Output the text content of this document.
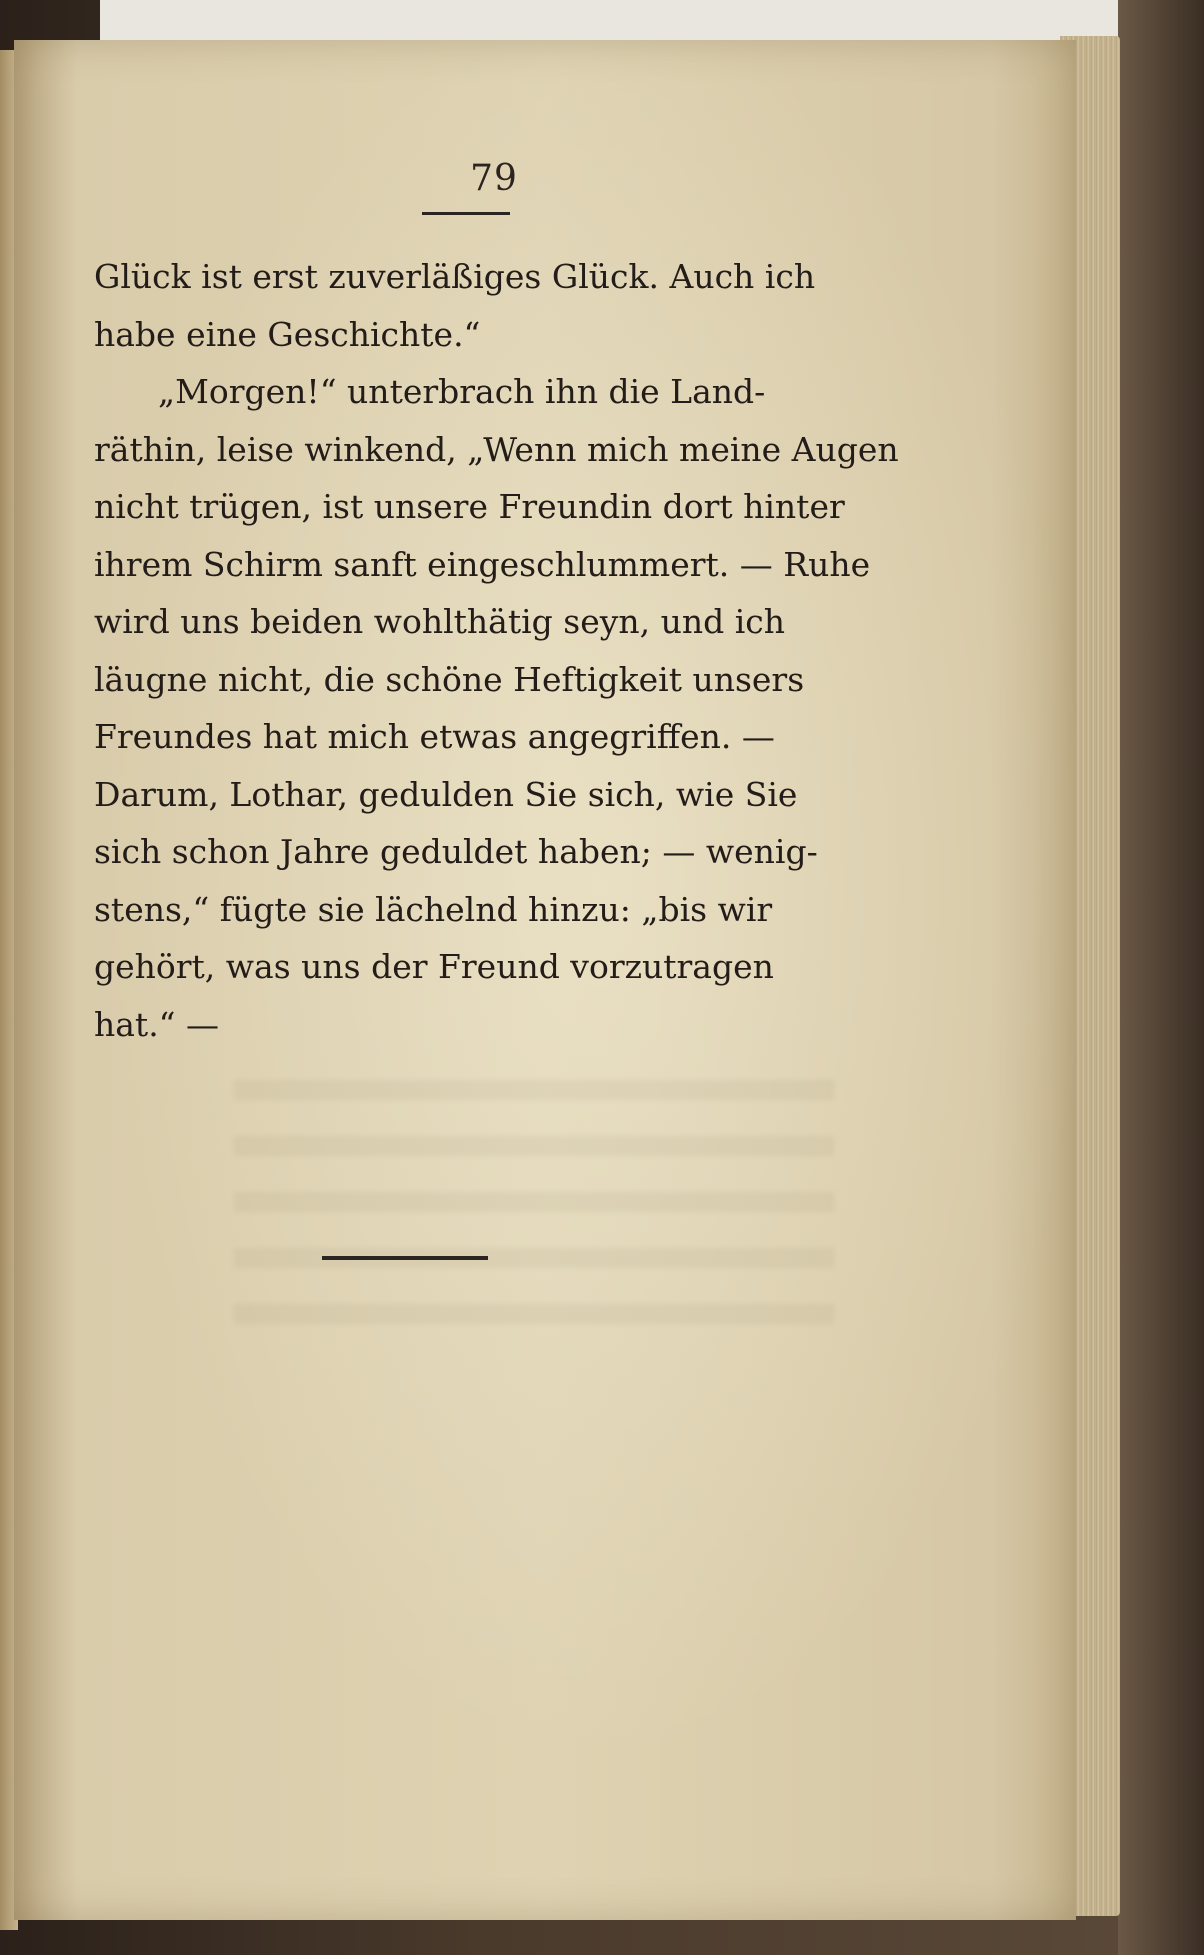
79
Glück ist erst zuverläßiges Glück. Auch ich
habe eine Geschichte.“
„Morgen!“ unterbrach ihn die Land-
räthin, leise winkend, „Wenn mich meine Augen
nicht trügen, ist unsere Freundin dort hinter
ihrem Schirm sanft eingeschlummert. — Ruhe
wird uns beiden wohlthätig seyn, und ich
läugne nicht, die schöne Heftigkeit unsers
Freundes hat mich etwas angegriffen. —
Darum, Lothar, gedulden Sie sich, wie Sie
sich schon Jahre geduldet haben; — wenig-
stens,“ fügte sie lächelnd hinzu: „bis wir
gehört, was uns der Freund vorzutragen
hat.“ —
